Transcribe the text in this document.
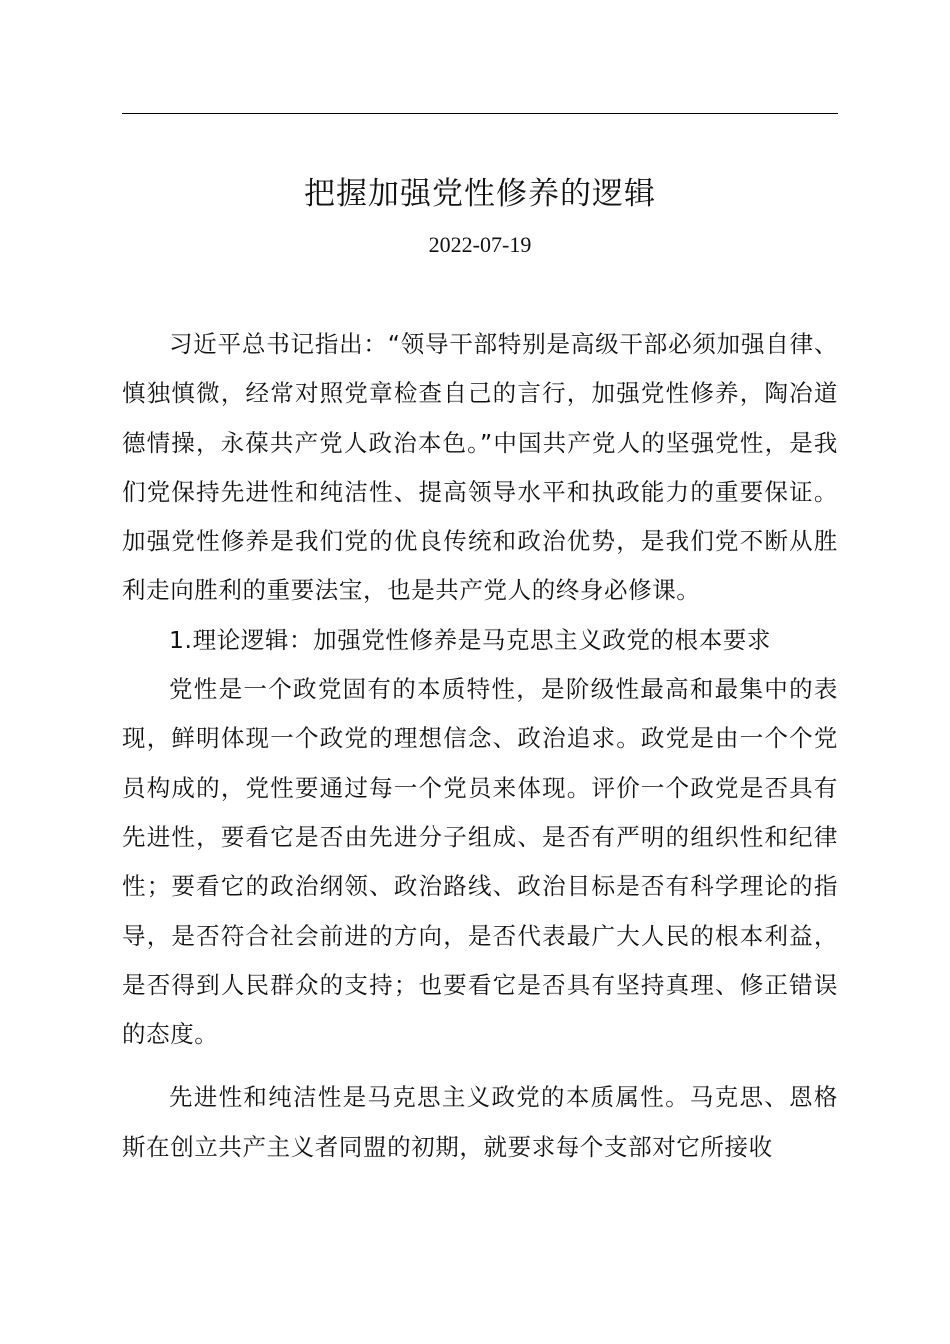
把握加强党性修养的逻辑
2022-07-19

习近平总书记指出：“领导干部特别是高级干部必须加强自律、慎独慎微，经常对照党章检查自己的言行，加强党性修养，陶冶道德情操，永葆共产党人政治本色。”中国共产党人的坚强党性，是我们党保持先进性和纯洁性、提高领导水平和执政能力的重要保证。加强党性修养是我们党的优良传统和政治优势，是我们党不断从胜利走向胜利的重要法宝，也是共产党人的终身必修课。

1.理论逻辑：加强党性修养是马克思主义政党的根本要求

党性是一个政党固有的本质特性，是阶级性最高和最集中的表现，鲜明体现一个政党的理想信念、政治追求。政党是由一个个党员构成的，党性要通过每一个党员来体现。评价一个政党是否具有先进性，要看它是否由先进分子组成、是否有严明的组织性和纪律性；要看它的政治纲领、政治路线、政治目标是否有科学理论的指导，是否符合社会前进的方向，是否代表最广大人民的根本利益，是否得到人民群众的支持；也要看它是否具有坚持真理、修正错误的态度。

先进性和纯洁性是马克思主义政党的本质属性。马克思、恩格斯在创立共产主义者同盟的初期，就要求每个支部对它所接收
